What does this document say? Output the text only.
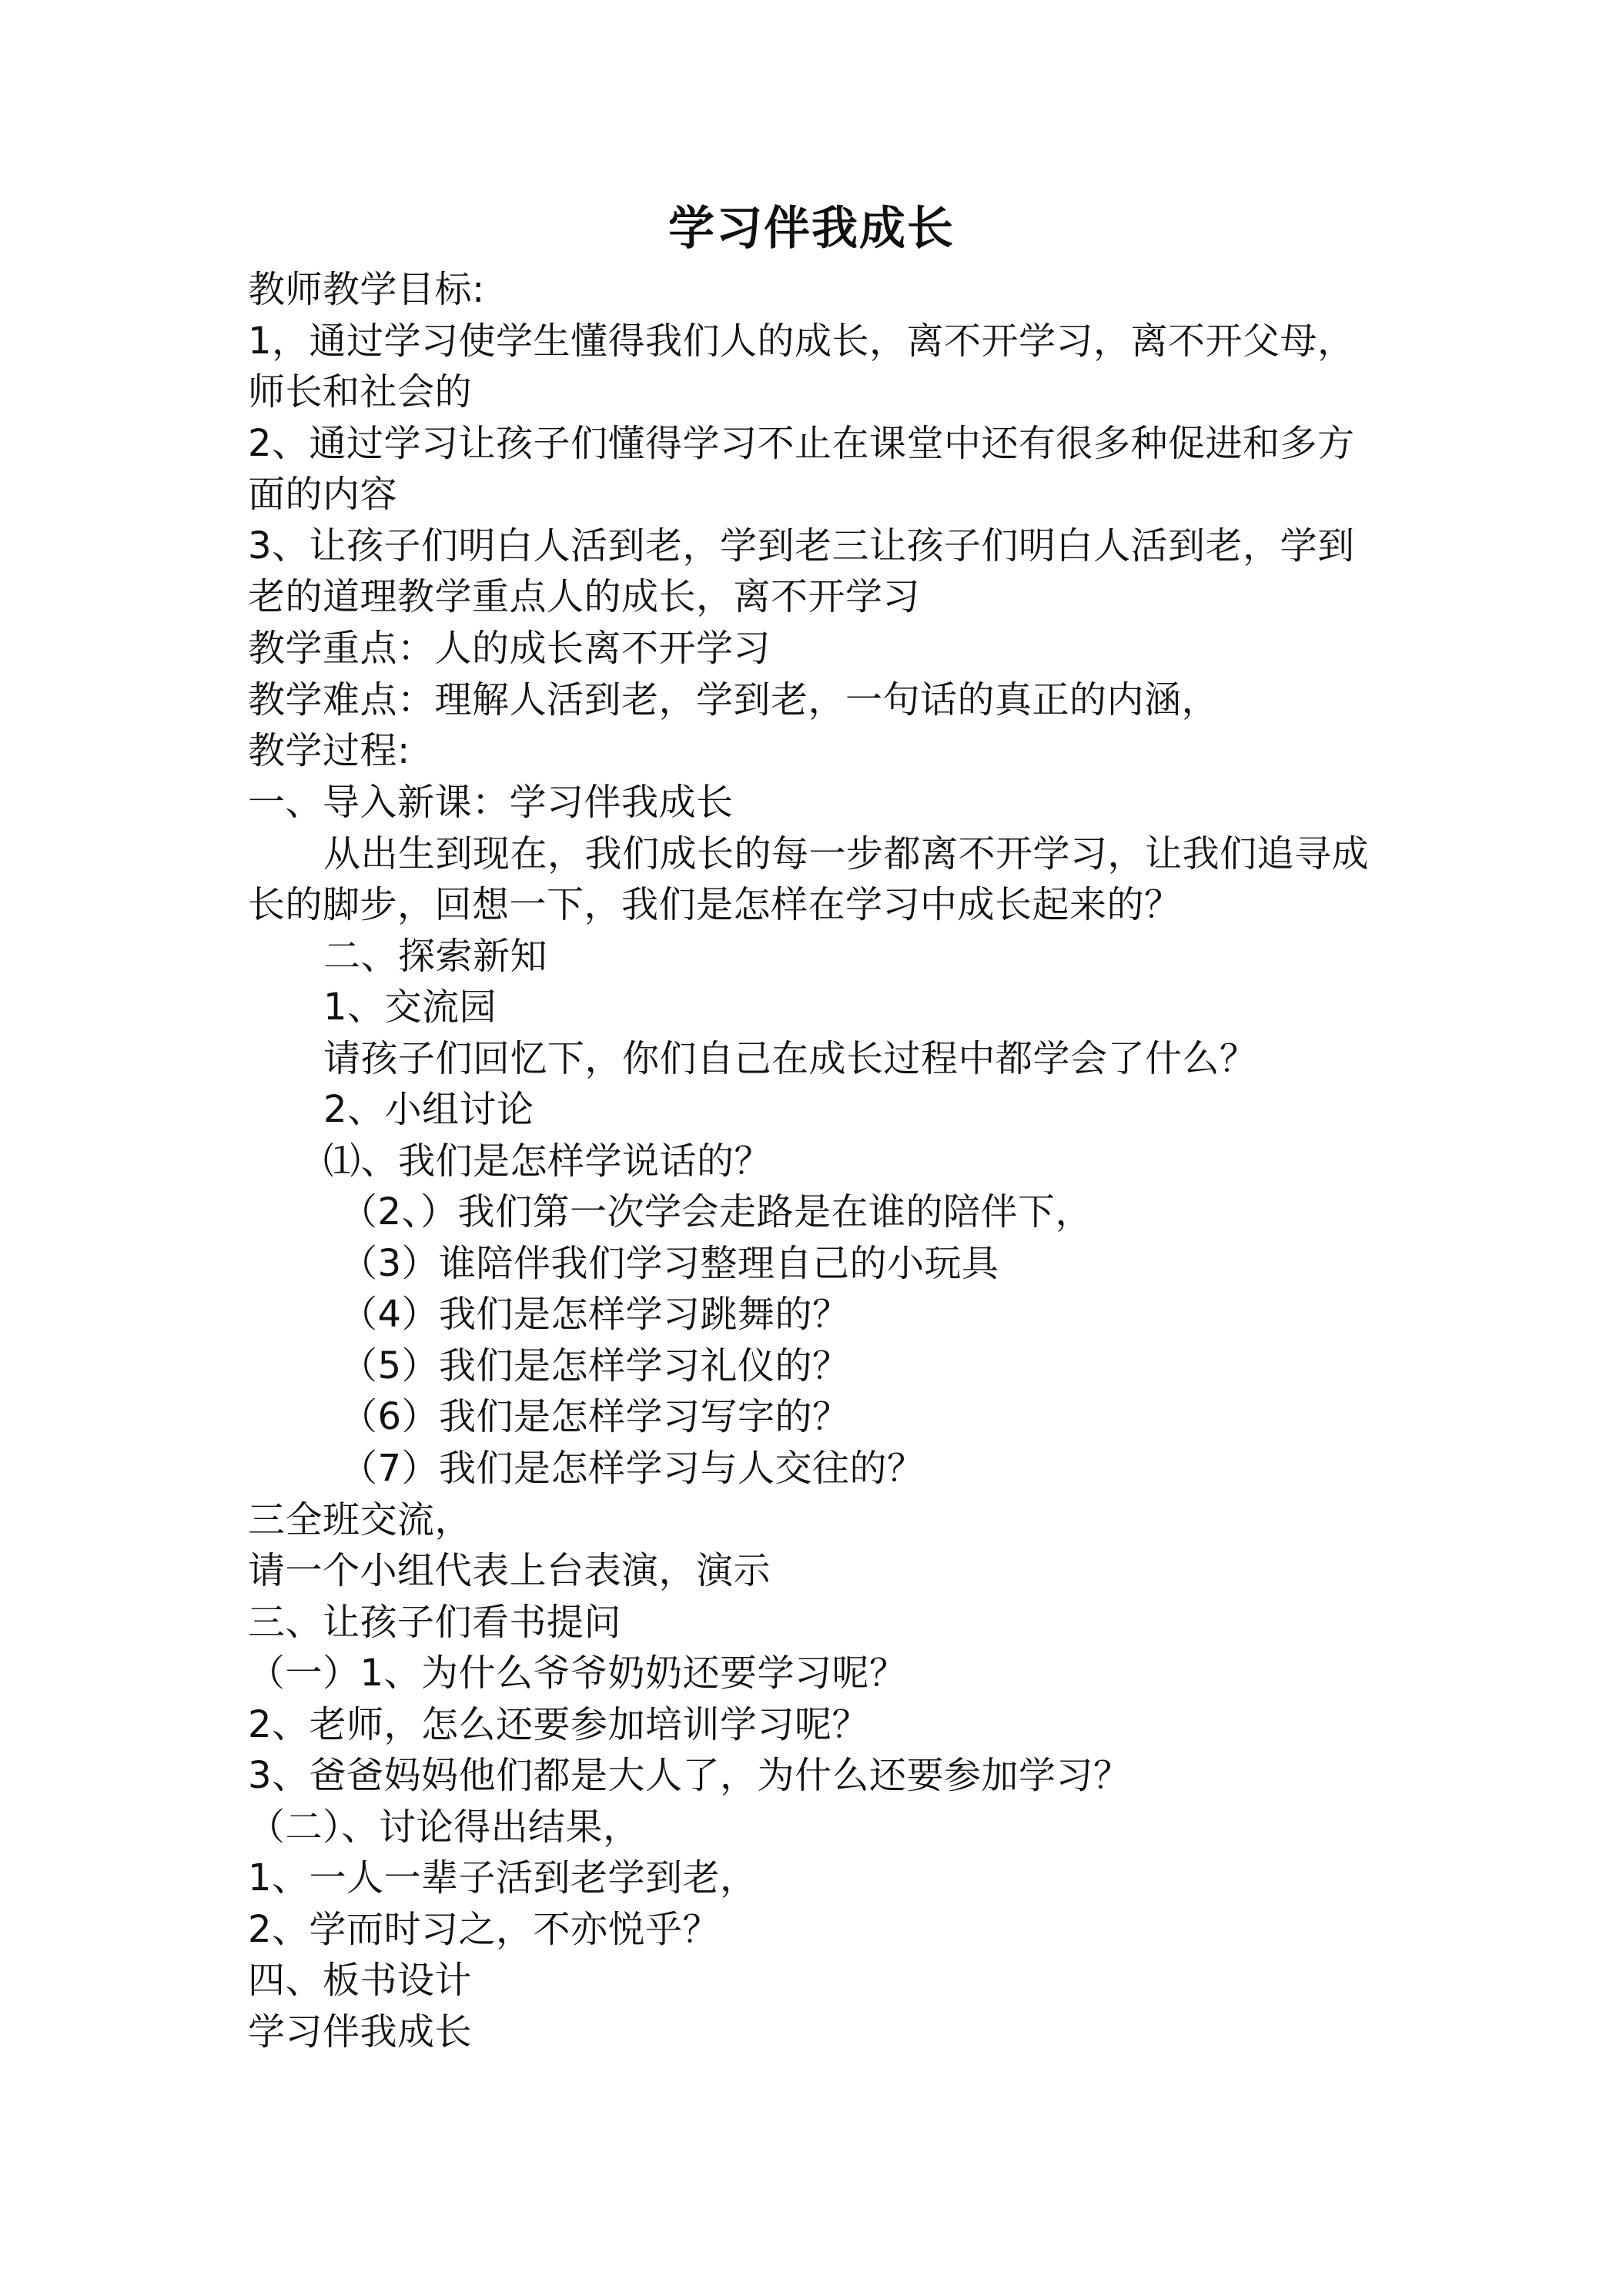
学习伴我成长
教师教学目标:
1，通过学习使学生懂得我们人的成长，离不开学习，离不开父母，
师长和社会的
2、通过学习让孩子们懂得学习不止在课堂中还有很多种促进和多方
面的内容
3、让孩子们明白人活到老，学到老三让孩子们明白人活到老，学到
老的道理教学重点人的成长，离不开学习
教学重点：人的成长离不开学习
教学难点：理解人活到老，学到老，一句话的真正的内涵，
教学过程:
一、导入新课：学习伴我成长
从出生到现在，我们成长的每一步都离不开学习，让我们追寻成
长的脚步，回想一下，我们是怎样在学习中成长起来的？
二、探索新知
1、交流园
请孩子们回忆下，你们自己在成长过程中都学会了什么？
2、小组讨论
⑴、我们是怎样学说话的？
（2、）我们第一次学会走路是在谁的陪伴下，
（3）谁陪伴我们学习整理自己的小玩具
（4）我们是怎样学习跳舞的？
（5）我们是怎样学习礼仪的？
（6）我们是怎样学习写字的？
（7）我们是怎样学习与人交往的？
三全班交流，
请一个小组代表上台表演，演示
三、让孩子们看书提问
（一）1、为什么爷爷奶奶还要学习呢？
2、老师，怎么还要参加培训学习呢？
3、爸爸妈妈他们都是大人了，为什么还要参加学习？
（二）、讨论得出结果，
1、一人一辈子活到老学到老，
2、学而时习之，不亦悦乎？
四、板书设计
学习伴我成长
